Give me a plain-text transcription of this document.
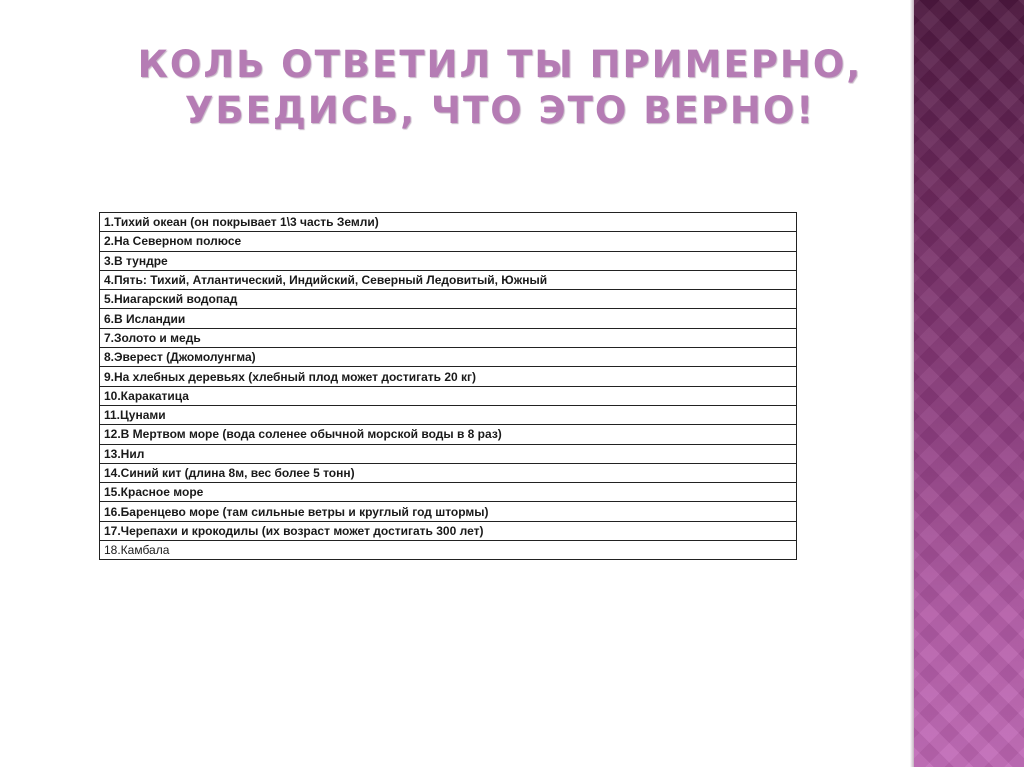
КОЛЬ ОТВЕТИЛ ТЫ ПРИМЕРНО,
УБЕДИСЬ, ЧТО ЭТО ВЕРНО!
1.Тихий океан (он покрывает 1\3 часть Земли)
2.На Северном полюсе
3.В тундре
4.Пять: Тихий, Атлантический, Индийский, Северный Ледовитый, Южный
5.Ниагарский водопад
6.В Исландии
7.Золото и медь
8.Эверест (Джомолунгма)
9.На хлебных деревьях (хлебный плод может достигать 20 кг)
10.Каракатица
11.Цунами
12.В Мертвом море (вода соленее обычной морской воды в 8 раз)
13.Нил
14.Синий кит (длина 8м, вес более 5 тонн)
15.Красное море
16.Баренцево море (там сильные ветры и круглый год штормы)
17.Черепахи и крокодилы (их возраст может достигать 300 лет)
18.Камбала
